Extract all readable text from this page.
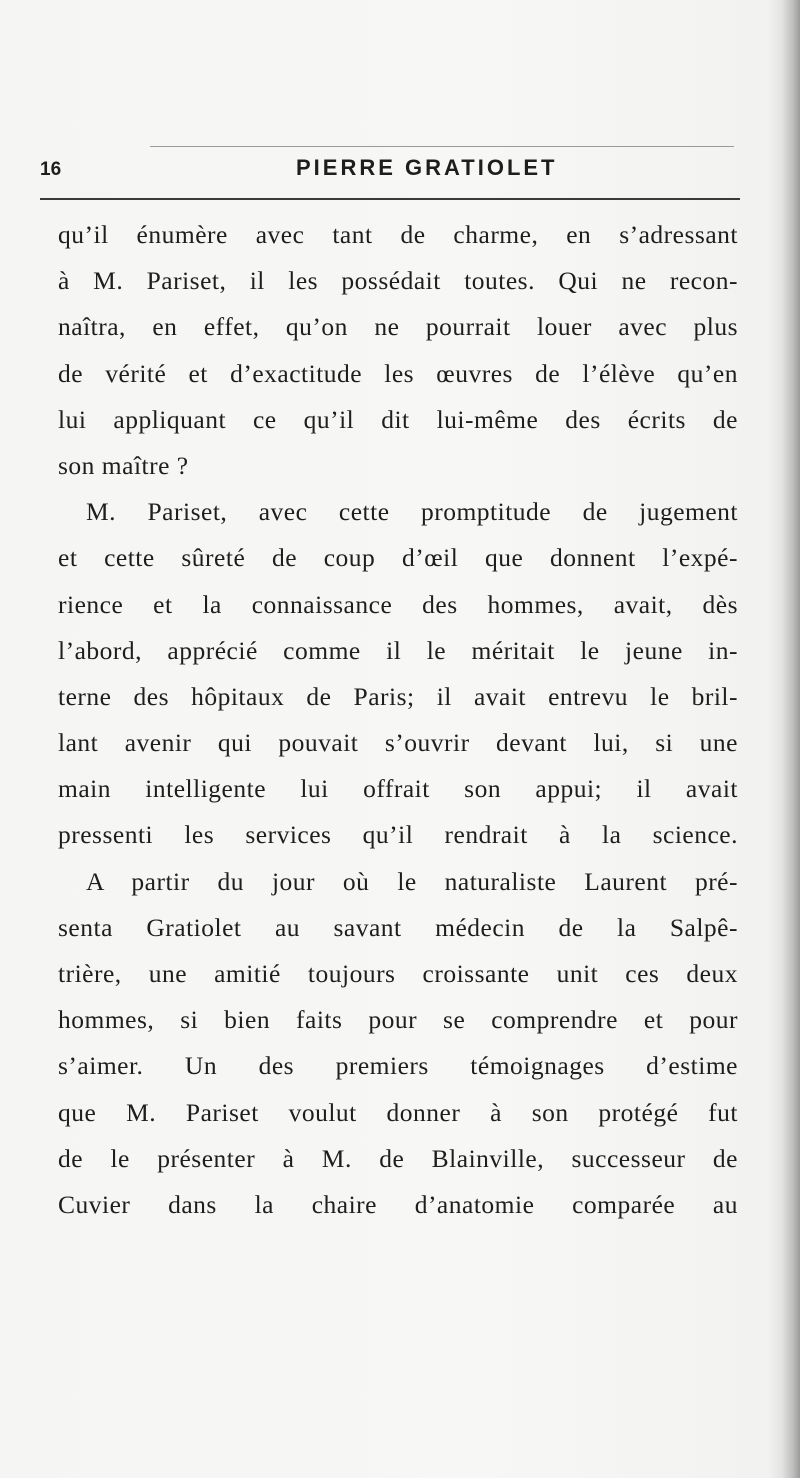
16	PIERRE GRATIOLET
qu’il énumère avec tant de charme, en s’adressant
à M. Pariset, il les possédait toutes. Qui ne recon-
naîtra, en effet, qu’on ne pourrait louer avec plus
de vérité et d’exactitude les œuvres de l’élève qu’en
lui appliquant ce qu’il dit lui-même des écrits de
son maître ?
M. Pariset, avec cette promptitude de jugement
et cette sûreté de coup d’œil que donnent l’expé-
rience et la connaissance des hommes, avait, dès
l’abord, apprécié comme il le méritait le jeune in-
terne des hôpitaux de Paris; il avait entrevu le bril-
lant avenir qui pouvait s’ouvrir devant lui, si une
main intelligente lui offrait son appui; il avait
pressenti les services qu’il rendrait à la science.
A partir du jour où le naturaliste Laurent pré-
senta Gratiolet au savant médecin de la Salpê-
trière, une amitié toujours croissante unit ces deux
hommes, si bien faits pour se comprendre et pour
s’aimer. Un des premiers témoignages d’estime
que M. Pariset voulut donner à son protégé fut
de le présenter à M. de Blainville, successeur de
Cuvier dans la chaire d’anatomie comparée au
